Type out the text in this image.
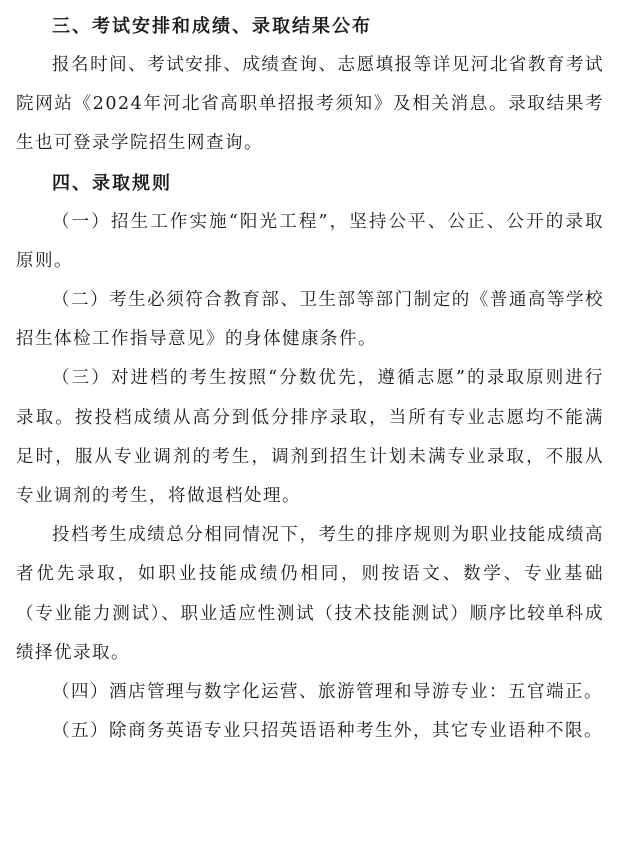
三、考试安排和成绩、录取结果公布
报名时间、考试安排、成绩查询、志愿填报等详见河北省教育考试院网站《2024年河北省高职单招报考须知》及相关消息。录取结果考生也可登录学院招生网查询。
四、录取规则
（一）招生工作实施“阳光工程”，坚持公平、公正、公开的录取原则。
（二）考生必须符合教育部、卫生部等部门制定的《普通高等学校招生体检工作指导意见》的身体健康条件。
（三）对进档的考生按照“分数优先，遵循志愿”的录取原则进行录取。按投档成绩从高分到低分排序录取，当所有专业志愿均不能满足时，服从专业调剂的考生，调剂到招生计划未满专业录取，不服从专业调剂的考生，将做退档处理。
投档考生成绩总分相同情况下，考生的排序规则为职业技能成绩高者优先录取，如职业技能成绩仍相同，则按语文、数学、专业基础（专业能力测试）、职业适应性测试（技术技能测试）顺序比较单科成绩择优录取。
（四）酒店管理与数字化运营、旅游管理和导游专业：五官端正。
（五）除商务英语专业只招英语语种考生外，其它专业语种不限。
